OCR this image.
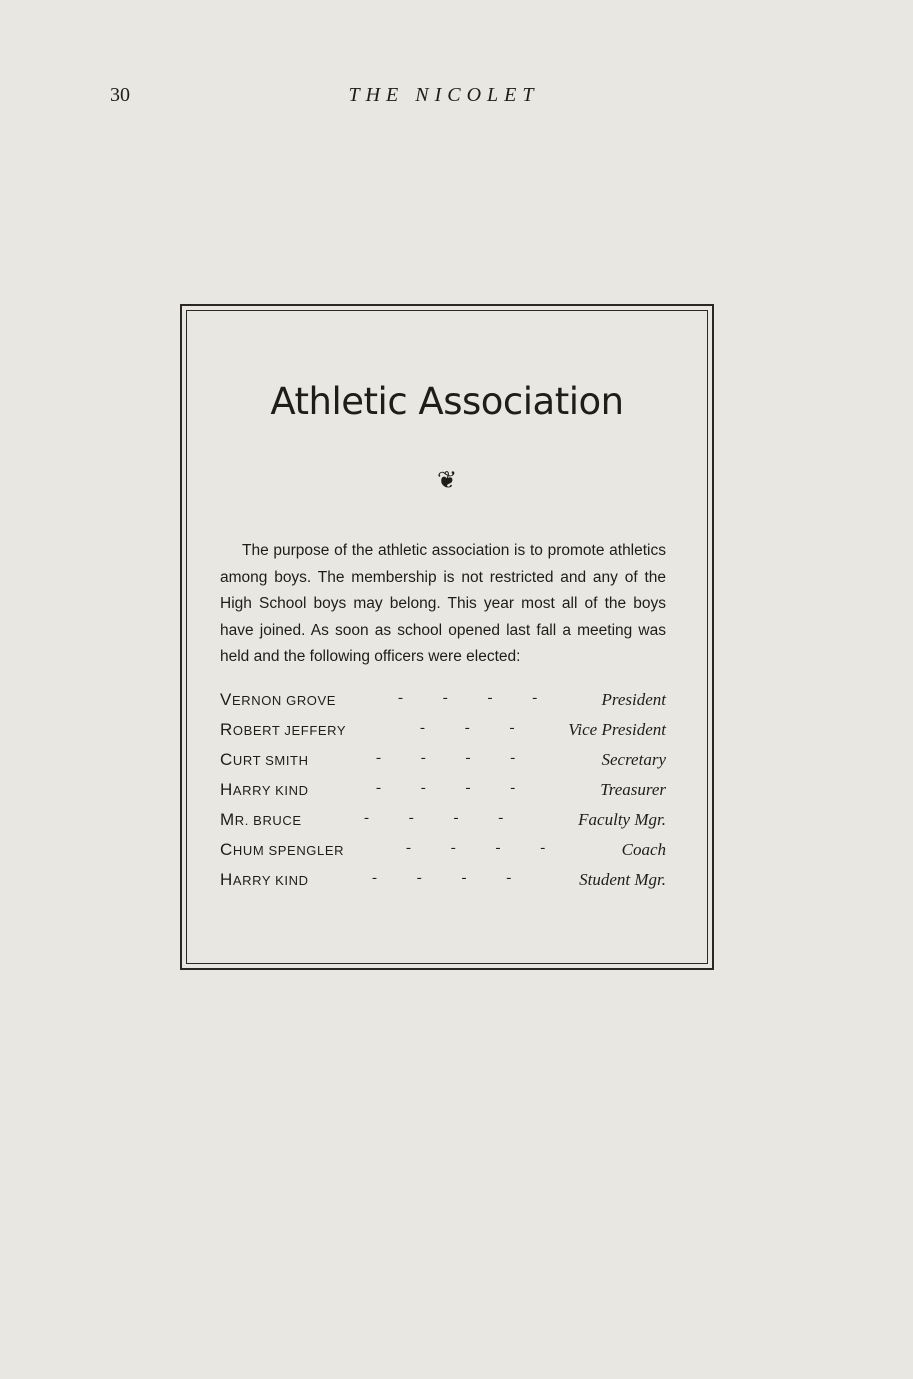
30	THE NICOLET
Athletic Association
❦

The purpose of the athletic association is to promote athletics among boys. The membership is not restricted and any of the High School boys may belong. This year most all of the boys have joined. As soon as school opened last fall a meeting was held and the following officers were elected:

VERNON GROVE	- - - -	President
ROBERT JEFFERY	- - -	Vice President
CURT SMITH	- - - -	Secretary
HARRY KIND	- - - -	Treasurer
MR. BRUCE	- - - -	Faculty Mgr.
CHUM SPENGLER	- - - -	Coach
HARRY KIND	- - - -	Student Mgr.
